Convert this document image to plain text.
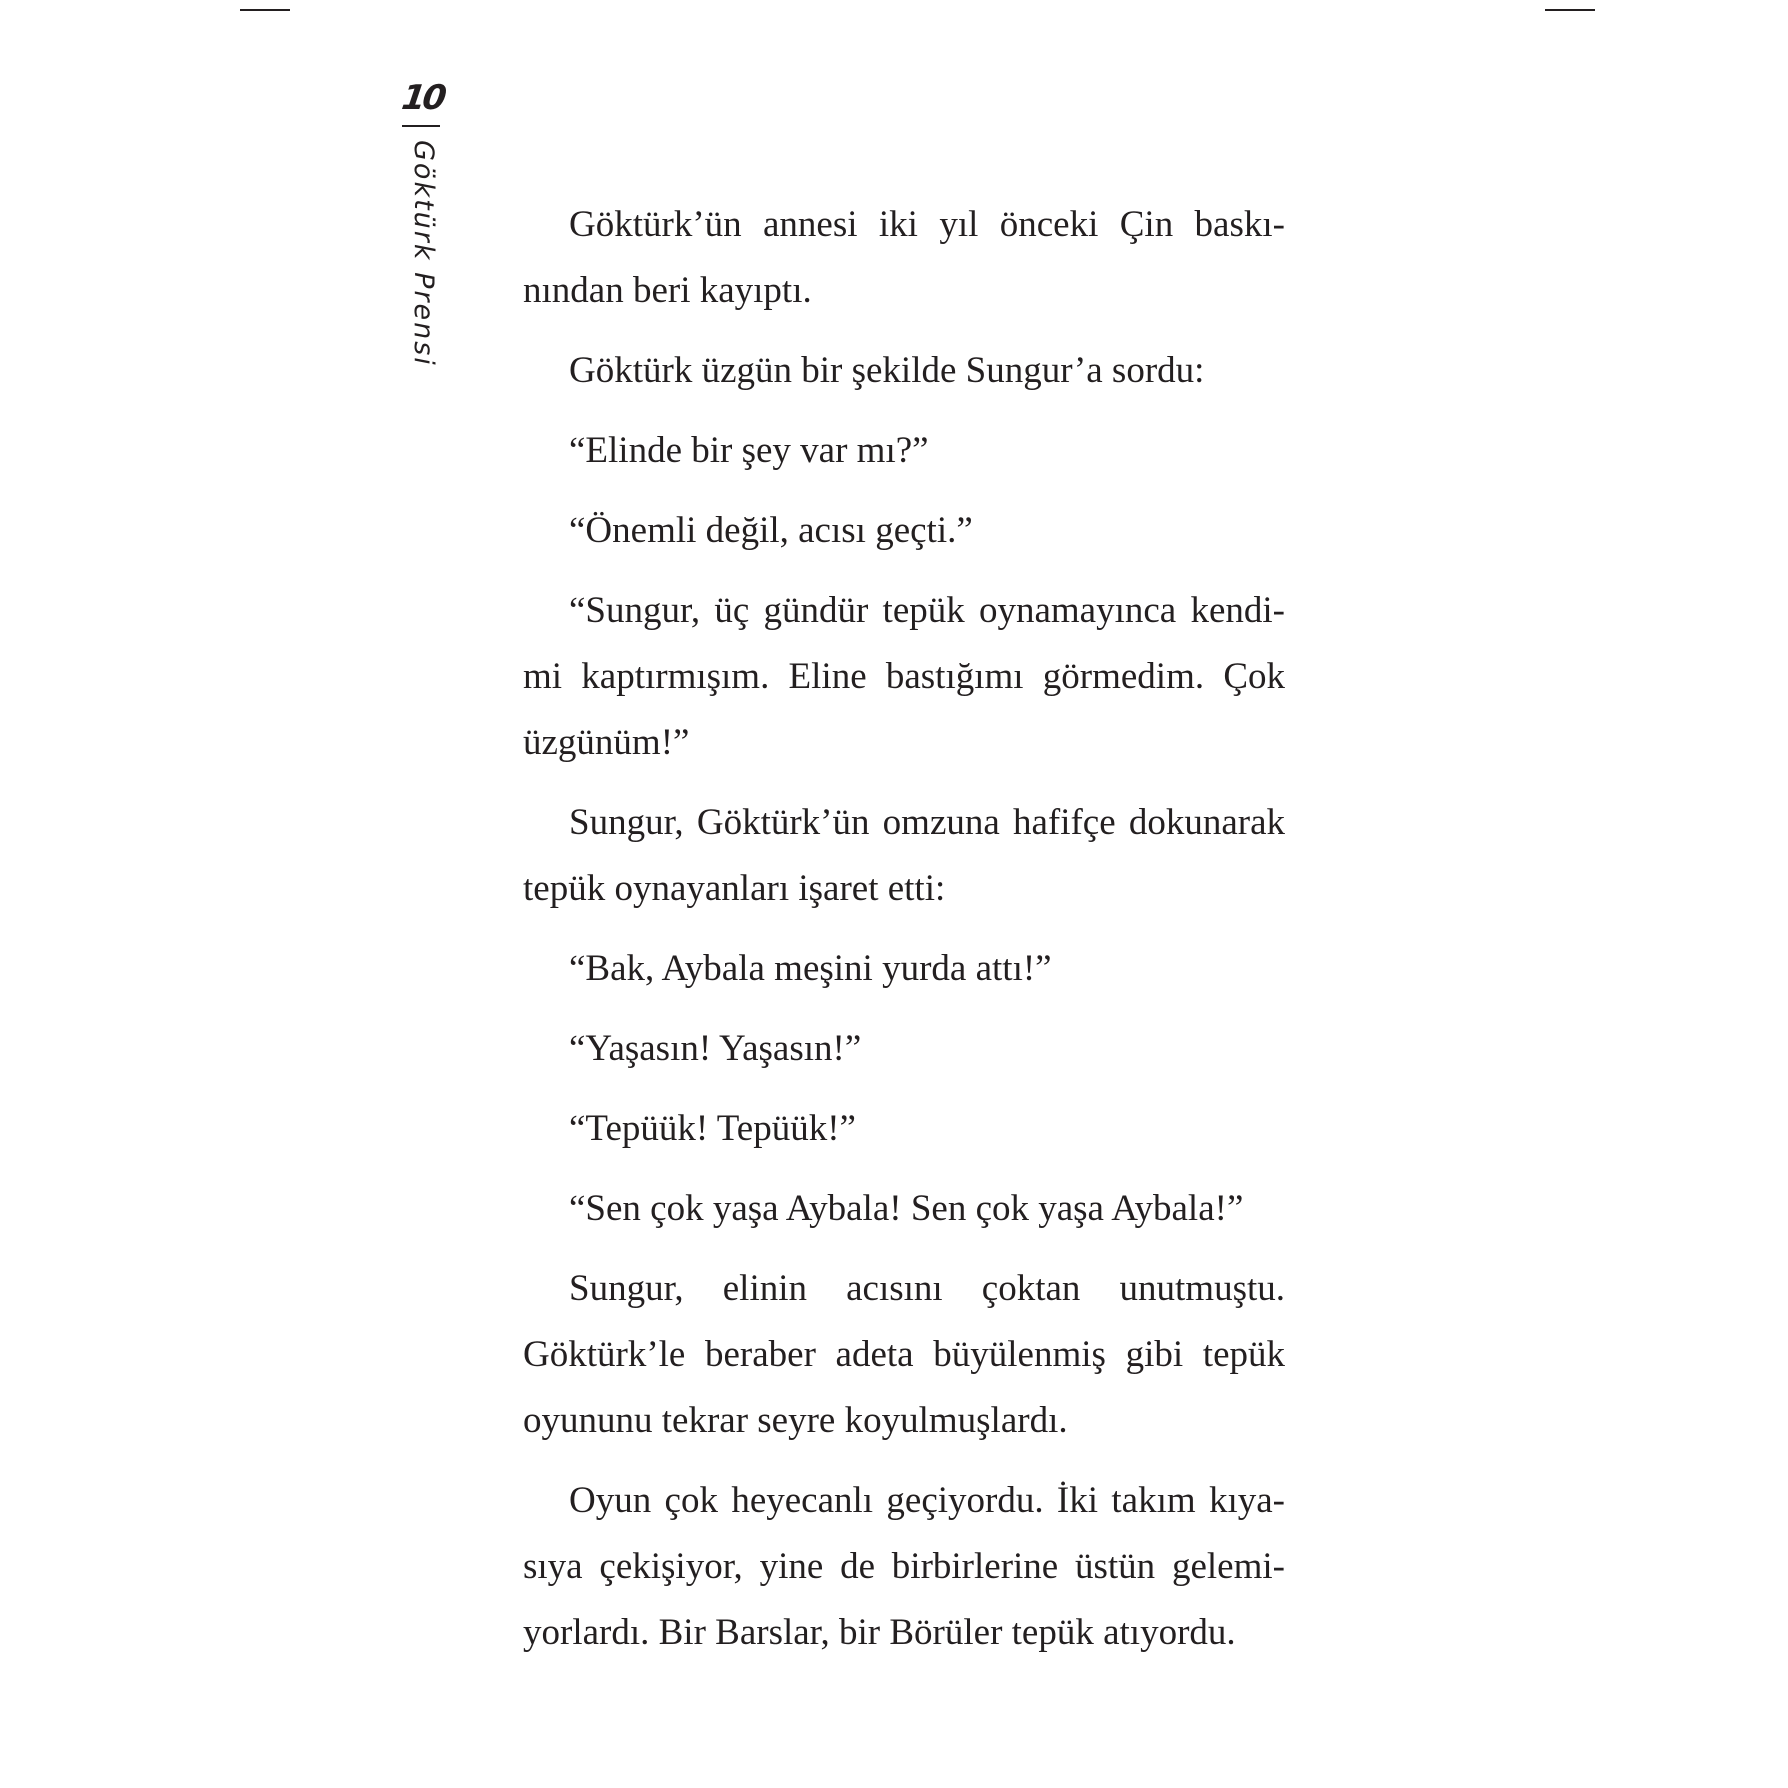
10
Göktürk Prensi	Göktürk’ün annesi iki yıl önceki Çin baskınından beri kayıptı.

Göktürk üzgün bir şekilde Sungur’a sordu:

“Elinde bir şey var mı?”

“Önemli değil, acısı geçti.”

“Sungur, üç gündür tepük oynamayınca kendimi kaptırmışım. Eline bastığımı görmedim. Çok üzgünüm!”

Sungur, Göktürk’ün omzuna hafifçe dokunarak tepük oynayanları işaret etti:

“Bak, Aybala meşini yurda attı!”

“Yaşasın! Yaşasın!”

“Tepüük! Tepüük!”

“Sen çok yaşa Aybala! Sen çok yaşa Aybala!”

Sungur, elinin acısını çoktan unutmuştu. Göktürk’le beraber adeta büyülenmiş gibi tepük oyununu tekrar seyre koyulmuşlardı.

Oyun çok heyecanlı geçiyordu. İki takım kıyasıya çekişiyor, yine de birbirlerine üstün gelemiyorlardı. Bir Barslar, bir Börüler tepük atıyordu.
